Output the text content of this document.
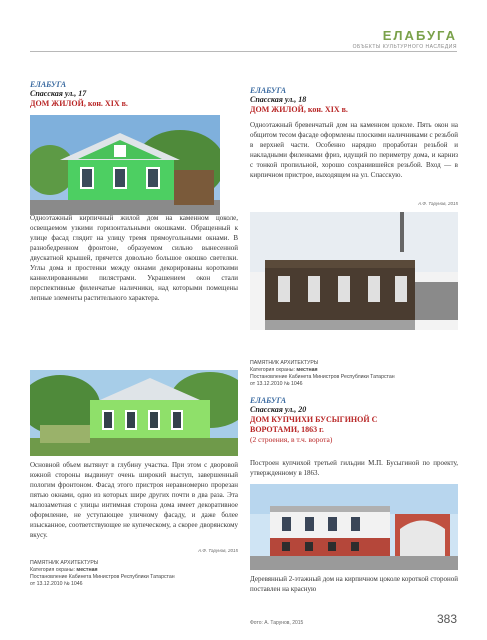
ЕЛАБУГА
ОБЪЕКТЫ КУЛЬТУРНОГО НАСЛЕДИЯ
ЕЛАБУГА
Спасская ул., 17
ДОМ ЖИЛОЙ, кон. XIX в.
Одноэтажный кирпичный жилой дом на каменном цоколе, освещаемом узкими горизонтальными окошками. Обращенный к улице фасад глядит на улицу тремя прямоугольными окнами. В разнобедренном фронтоне, образуемом сильно вынесенной двускатной крышей, прячется довольно большое окошко светелки. Углы дома и простенки между окнами декорированы короткими каннелированными пилястрами. Украшением окон стали перспективные филенчатые наличники, над которыми помещены лепные элементы растительного характера.
Основной объем вытянут в глубину участка. При этом с дворовой южной стороны выдвинут очень широкий выступ, завершенный пологим фронтоном. Фасад этого пристроя неравномерно прорезан пятью окнами, одно из которых шире других почти в два раза. Эта малозаметная с улицы интимная сторона дома имеет декоративное оформление, не уступающее уличному фасаду, и даже более изысканное, соответствующее не купеческому, а скорее дворянскому вкусу.
А.Ф. Тарунов, 2015
ПАМЯТНИК АРХИТЕКТУРЫ
Категория охраны: местная
Постановление Кабинета Министров Республики Татарстан
от 13.12.2010 № 1046
ЕЛАБУГА
Спасская ул., 18
ДОМ ЖИЛОЙ, кон. XIX в.
Одноэтажный бревенчатый дом на каменном цоколе. Пять окон на общитом тесом фасаде оформлены плоскими наличниками с резьбой в верхней части. Особенно нарядно проработан резьбой и накладными филенками фриз, идущий по периметру дома, и карниз с тонкой пропильной, хорошо сохранившейся резьбой. Вход — в кирпичном пристрое, выходящем на ул. Спасскую.
А.Ф. Тарунов, 2015
ПАМЯТНИК АРХИТЕКТУРЫ
Категория охраны: местная
Постановление Кабинета Министров Республики Татарстан
от 13.12.2010 № 1046
ЕЛАБУГА
Спасская ул., 20
ДОМ КУПЧИХИ БУСЫГИНОЙ С ВОРОТАМИ, 1863 г.
(2 строения, в т.ч. ворота)
Построен купчихой третьей гильдии М.П. Бусыгиной по проекту, утвержденному в 1863.
Деревянный 2-этажный дом на кирпичном цоколе короткой стороной поставлен на красную
Фото: А. Тарунов, 2015	383
